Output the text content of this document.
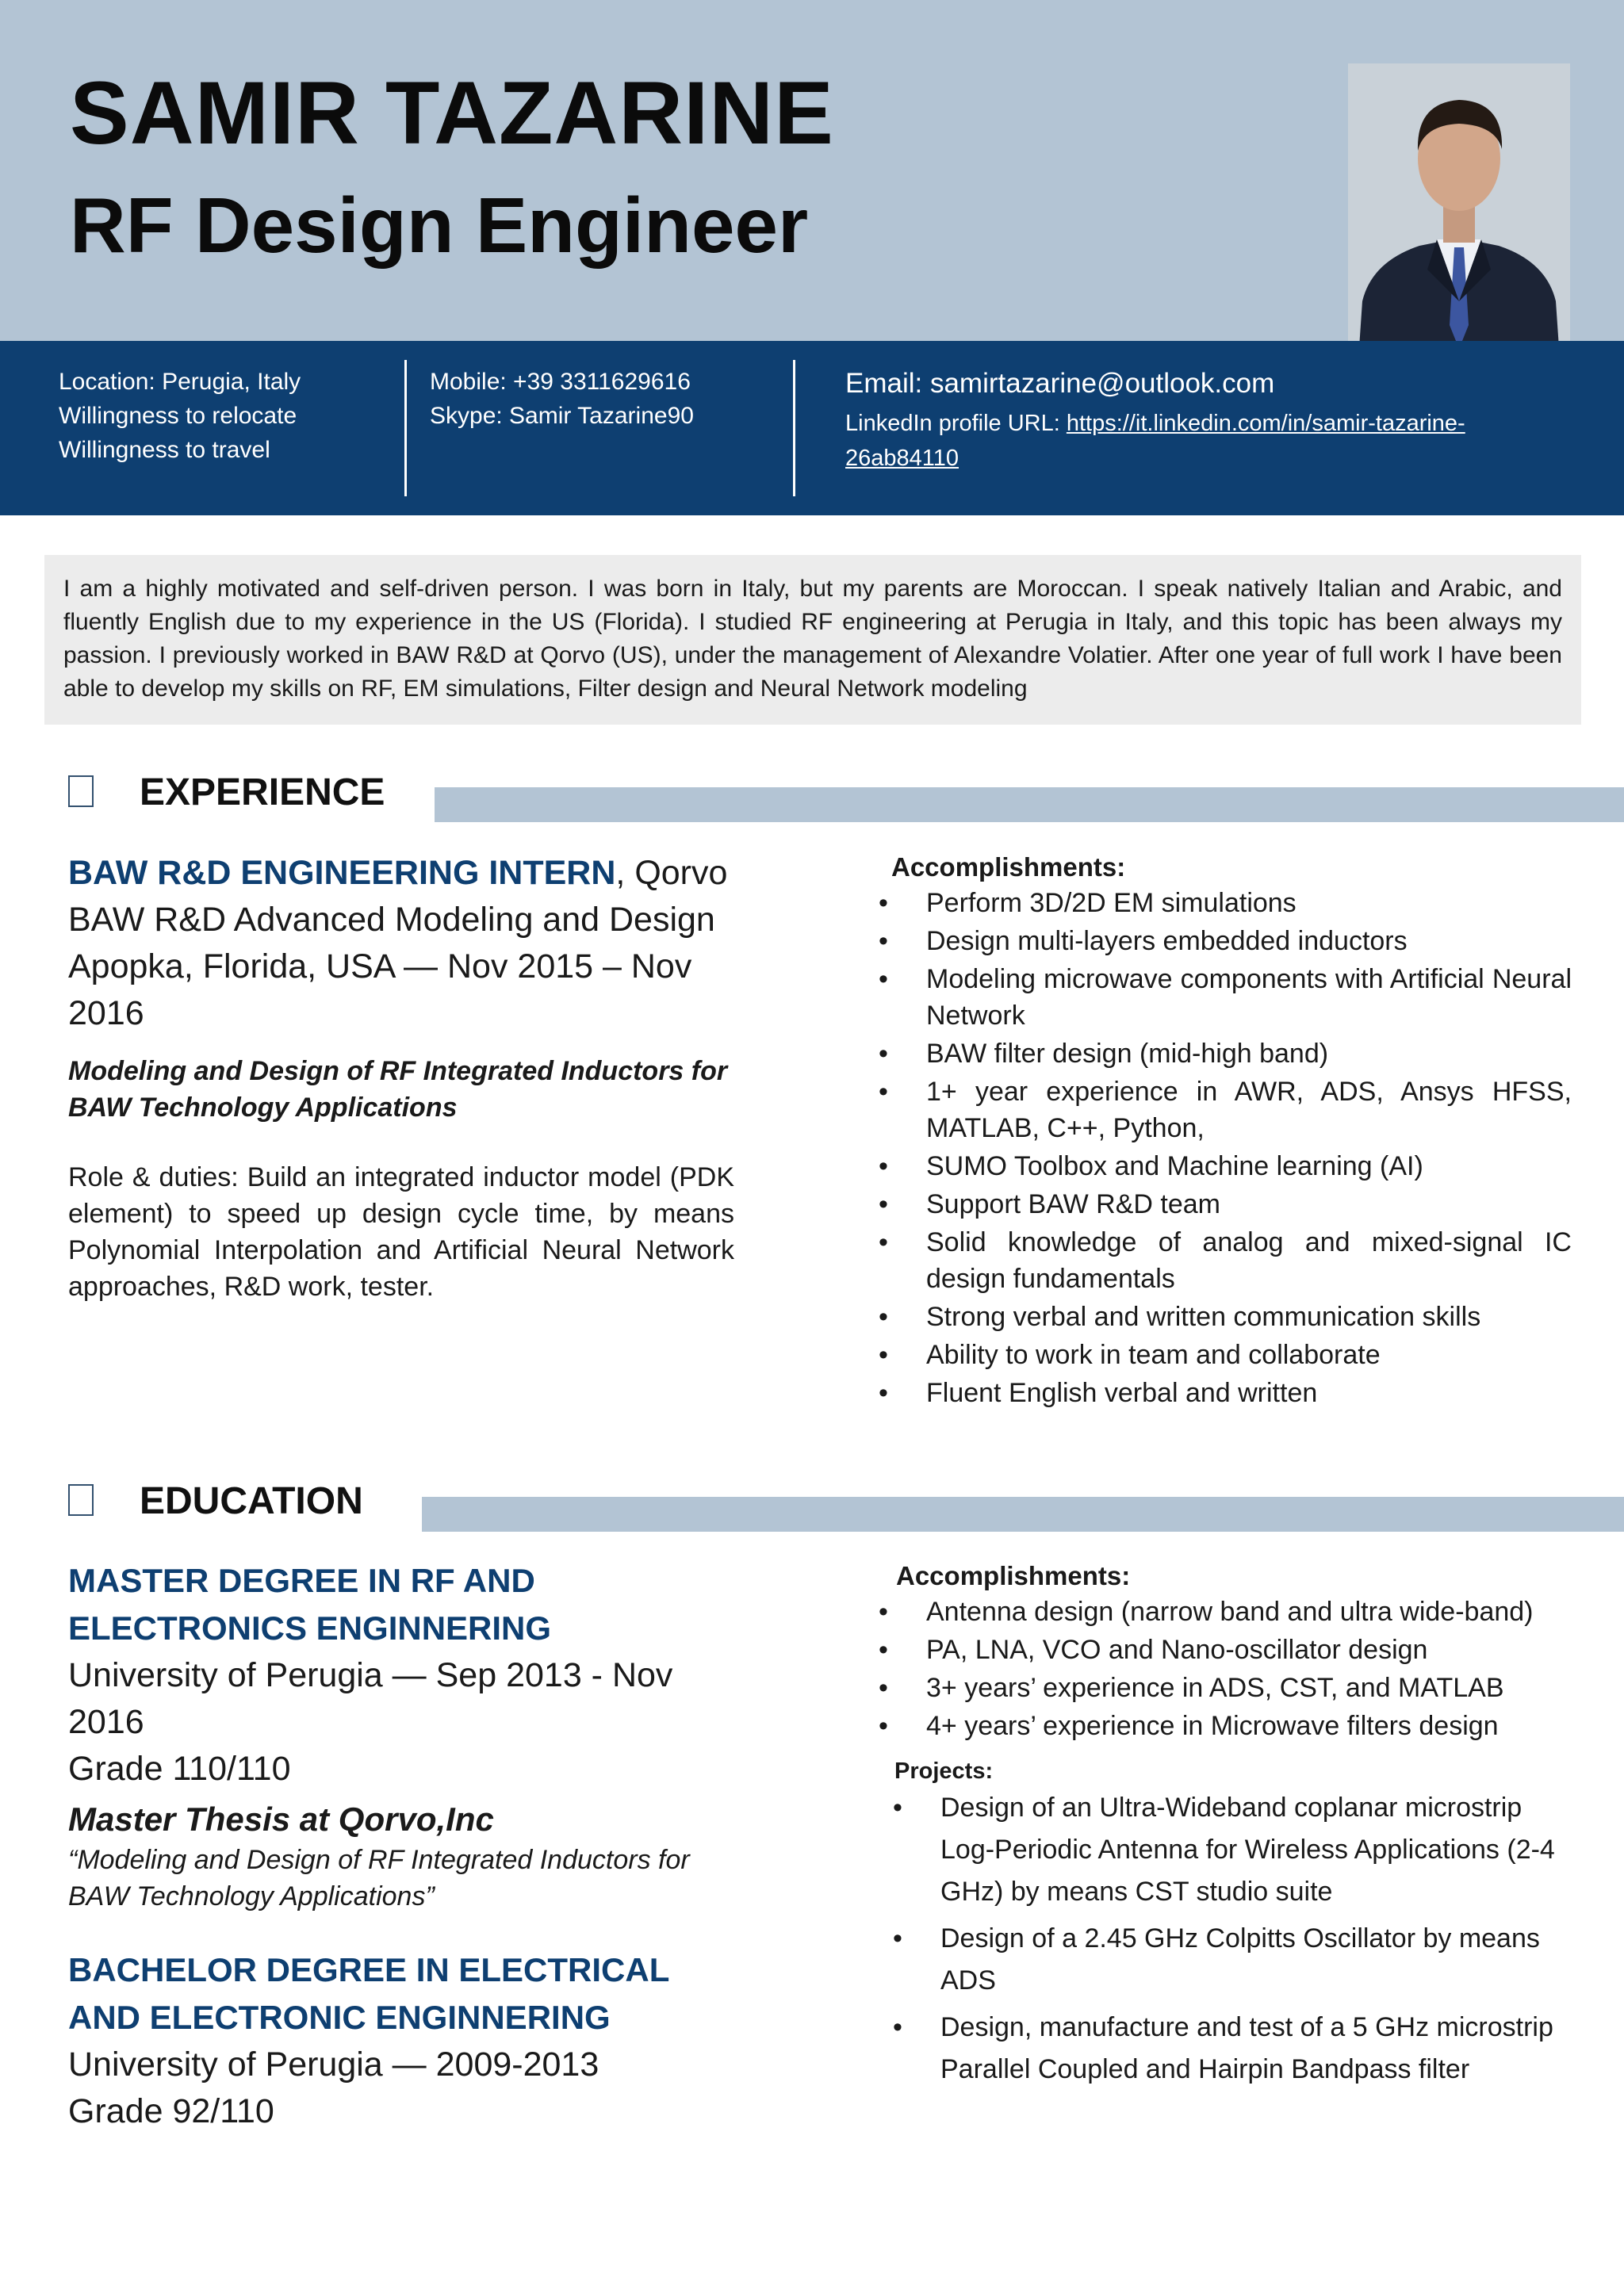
SAMIR TAZARINE
RF Design Engineer
Location: Perugia, Italy
Willingness to relocate
Willingness to travel
Mobile: +39 3311629616
Skype: Samir Tazarine90
Email: samirtazarine@outlook.com
LinkedIn profile URL: https://it.linkedin.com/in/samir-tazarine-26ab84110
I am a highly motivated and self-driven person. I was born in Italy, but my parents are Moroccan. I speak natively Italian and Arabic, and fluently English due to my experience in the US (Florida). I studied RF engineering at Perugia in Italy, and this topic has been always my passion. I previously worked in BAW R&D at Qorvo (US), under the management of Alexandre Volatier. After one year of full work I have been able to develop my skills on RF, EM simulations, Filter design and Neural Network modeling
EXPERIENCE
BAW R&D ENGINEERING INTERN, Qorvo
BAW R&D Advanced Modeling and Design
Apopka, Florida, USA — Nov 2015 – Nov 2016
Modeling and Design of RF Integrated Inductors for BAW Technology Applications
Role & duties: Build an integrated inductor model (PDK element) to speed up design cycle time, by means Polynomial Interpolation and Artificial Neural Network approaches, R&D work, tester.
Accomplishments:
• Perform 3D/2D EM simulations
• Design multi-layers embedded inductors
• Modeling microwave components with Artificial Neural Network
• BAW filter design (mid-high band)
• 1+ year experience in AWR, ADS, Ansys HFSS, MATLAB, C++, Python,
• SUMO Toolbox and Machine learning (AI)
• Support BAW R&D team
• Solid knowledge of analog and mixed-signal IC design fundamentals
• Strong verbal and written communication skills
• Ability to work in team and collaborate
• Fluent English verbal and written
EDUCATION
MASTER DEGREE IN RF AND ELECTRONICS ENGINNERING
University of Perugia — Sep 2013 - Nov 2016
Grade 110/110
Master Thesis at Qorvo,Inc
“Modeling and Design of RF Integrated Inductors for BAW Technology Applications”
BACHELOR DEGREE IN ELECTRICAL AND ELECTRONIC ENGINNERING
University of Perugia — 2009-2013
Grade 92/110
Accomplishments:
• Antenna design (narrow band and ultra wide-band)
• PA, LNA, VCO and Nano-oscillator design
• 3+ years’ experience in ADS, CST, and MATLAB
• 4+ years’ experience in Microwave filters design
Projects:
• Design of an Ultra-Wideband coplanar microstrip Log-Periodic Antenna for Wireless Applications (2-4 GHz) by means CST studio suite
• Design of a 2.45 GHz Colpitts Oscillator by means ADS
• Design, manufacture and test of a 5 GHz microstrip Parallel Coupled and Hairpin Bandpass filter
